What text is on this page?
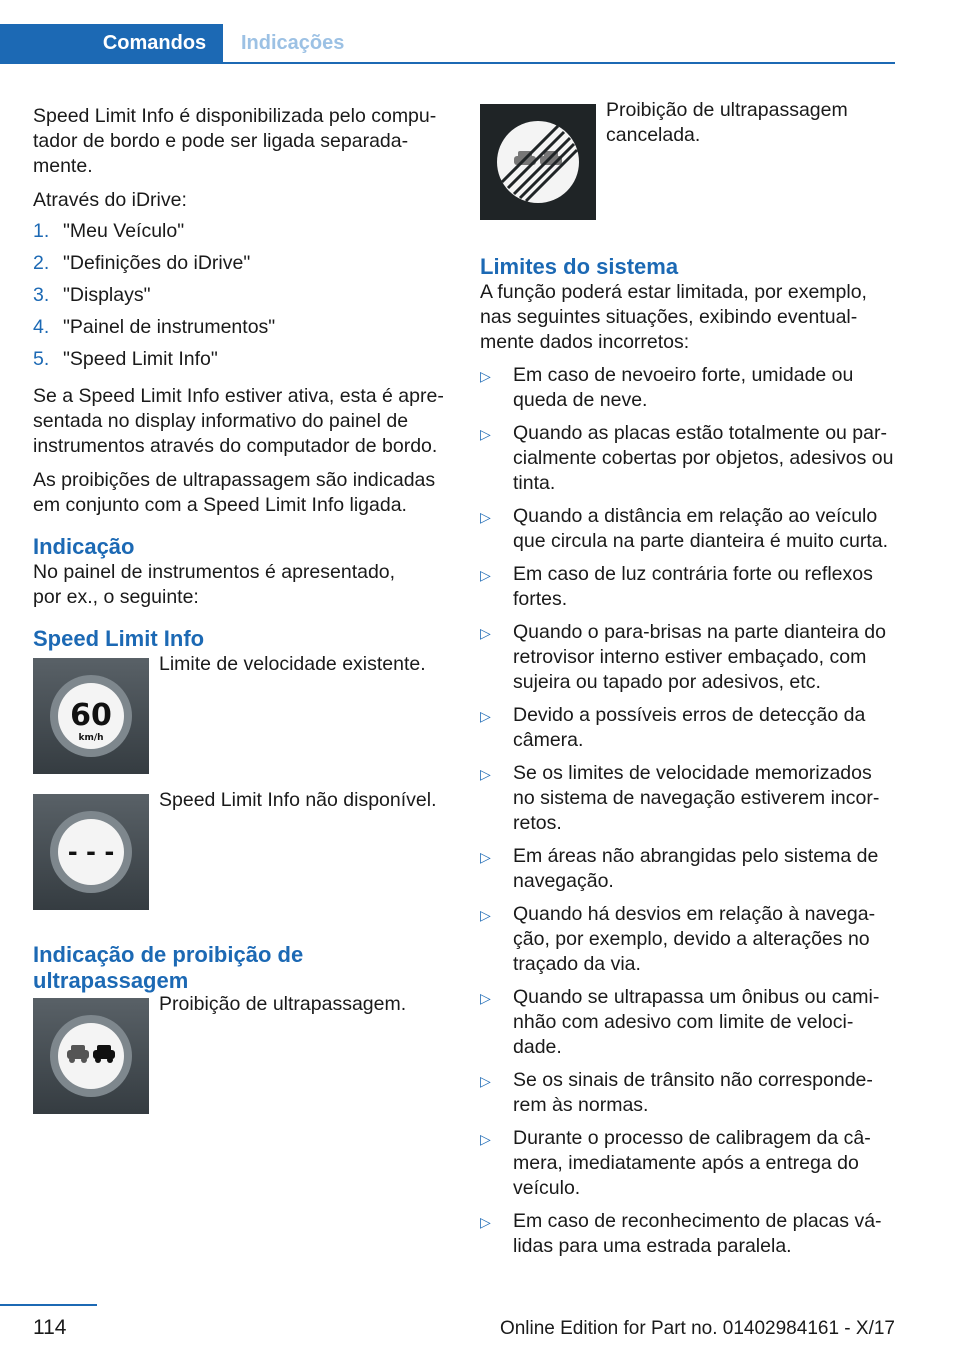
Comandos	Indicações

Speed Limit Info é disponibilizada pelo computador de bordo e pode ser ligada separadamente.

Através do iDrive:

1. "Meu Veículo"
2. "Definições do iDrive"
3. "Displays"
4. "Painel de instrumentos"
5. "Speed Limit Info"

Se a Speed Limit Info estiver ativa, esta é apresentada no display informativo do painel de instrumentos através do computador de bordo.

As proibições de ultrapassagem são indicadas em conjunto com a Speed Limit Info ligada.

Indicação

No painel de instrumentos é apresentado, por ex., o seguinte:

Speed Limit Info
60
km/h
Limite de velocidade existente.
- - -
Speed Limit Info não disponível.
Indicação de proibição de ultrapassagem
Proibição de ultrapassagem.
Proibição de ultrapassagem cancelada.
Limites do sistema

A função poderá estar limitada, por exemplo, nas seguintes situações, exibindo eventualmente dados incorretos:

▷	Em caso de nevoeiro forte, umidade ou queda de neve.
▷	Quando as placas estão totalmente ou parcialmente cobertas por objetos, adesivos ou tinta.
▷	Quando a distância em relação ao veículo que circula na parte dianteira é muito curta.
▷	Em caso de luz contrária forte ou reflexos fortes.
▷	Quando o para-brisas na parte dianteira do retrovisor interno estiver embaçado, com sujeira ou tapado por adesivos, etc.
▷	Devido a possíveis erros de detecção da câmera.
▷	Se os limites de velocidade memorizados no sistema de navegação estiverem incorretos.
▷	Em áreas não abrangidas pelo sistema de navegação.
▷	Quando há desvios em relação à navegação, por exemplo, devido a alterações no traçado da via.
▷	Quando se ultrapassa um ônibus ou caminhão com adesivo com limite de velocidade.
▷	Se os sinais de trânsito não corresponderem às normas.
▷	Durante o processo de calibragem da câmera, imediatamente após a entrega do veículo.
▷	Em caso de reconhecimento de placas válidas para uma estrada paralela.
114	Online Edition for Part no. 01402984161 - X/17
